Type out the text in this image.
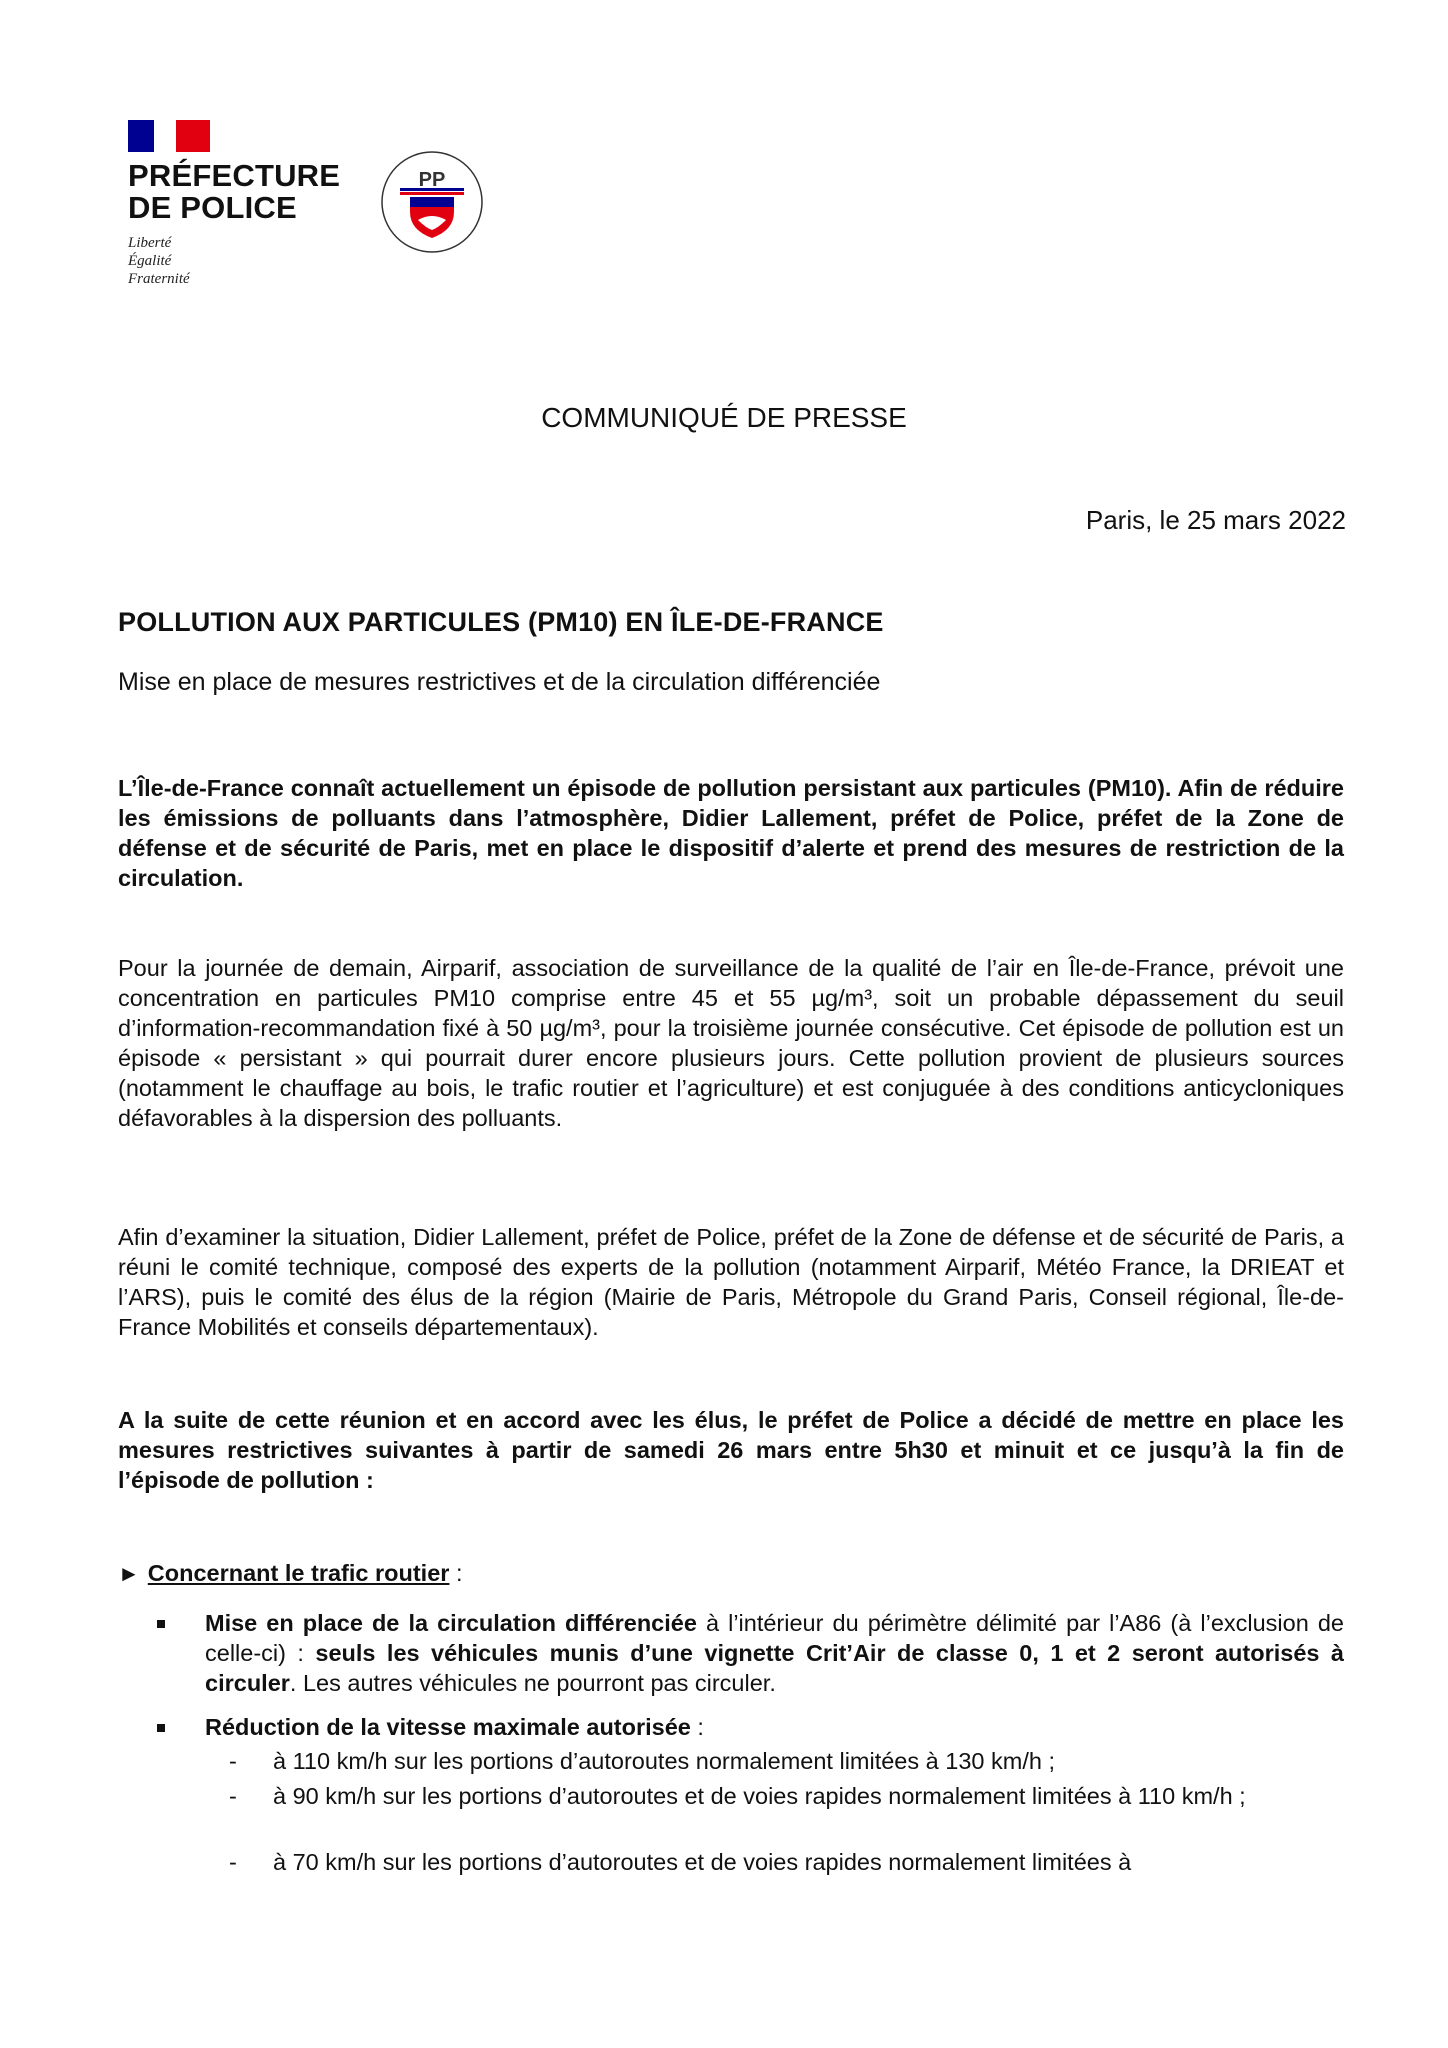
PRÉFECTURE
DE POLICE
Liberté
Égalité
Fraternité
PP
COMMUNIQUÉ DE PRESSE
Paris, le 25 mars 2022
POLLUTION AUX PARTICULES (PM10) EN ÎLE-DE-FRANCE
Mise en place de mesures restrictives et de la circulation différenciée
L’Île-de-France connaît actuellement un épisode de pollution persistant aux particules (PM10). Afin de réduire les émissions de polluants dans l’atmosphère, Didier Lallement, préfet de Police, préfet de la Zone de défense et de sécurité de Paris, met en place le dispositif d’alerte et prend des mesures de restriction de la circulation.
Pour la journée de demain, Airparif, association de surveillance de la qualité de l’air en Île-de-France, prévoit une concentration en particules PM10 comprise entre 45 et 55 µg/m³, soit un probable dépassement du seuil d’information-recommandation fixé à 50 µg/m³, pour la troisième journée consécutive. Cet épisode de pollution est un épisode « persistant » qui pourrait durer encore plusieurs jours. Cette pollution provient de plusieurs sources (notamment le chauffage au bois, le trafic routier et l’agriculture) et est conjuguée à des conditions anticycloniques défavorables à la dispersion des polluants.
Afin d’examiner la situation, Didier Lallement, préfet de Police, préfet de la Zone de défense et de sécurité de Paris, a réuni le comité technique, composé des experts de la pollution (notamment Airparif, Météo France, la DRIEAT et l’ARS), puis le comité des élus de la région (Mairie de Paris, Métropole du Grand Paris, Conseil régional, Île-de-France Mobilités et conseils départementaux).
A la suite de cette réunion et en accord avec les élus, le préfet de Police a décidé de mettre en place les mesures restrictives suivantes à partir de samedi 26 mars entre 5h30 et minuit et ce jusqu’à la fin de l’épisode de pollution :
► Concernant le trafic routier :
Mise en place de la circulation différenciée à l’intérieur du périmètre délimité par l’A86 (à l’exclusion de celle-ci) : seuls les véhicules munis d’une vignette Crit’Air de classe 0, 1 et 2 seront autorisés à circuler. Les autres véhicules ne pourront pas circuler.
Réduction de la vitesse maximale autorisée :
- à 110 km/h sur les portions d’autoroutes normalement limitées à 130 km/h ;
- à 90 km/h sur les portions d’autoroutes et de voies rapides normalement limitées à 110 km/h ;
- à 70 km/h sur les portions d’autoroutes et de voies rapides normalement limitées à
